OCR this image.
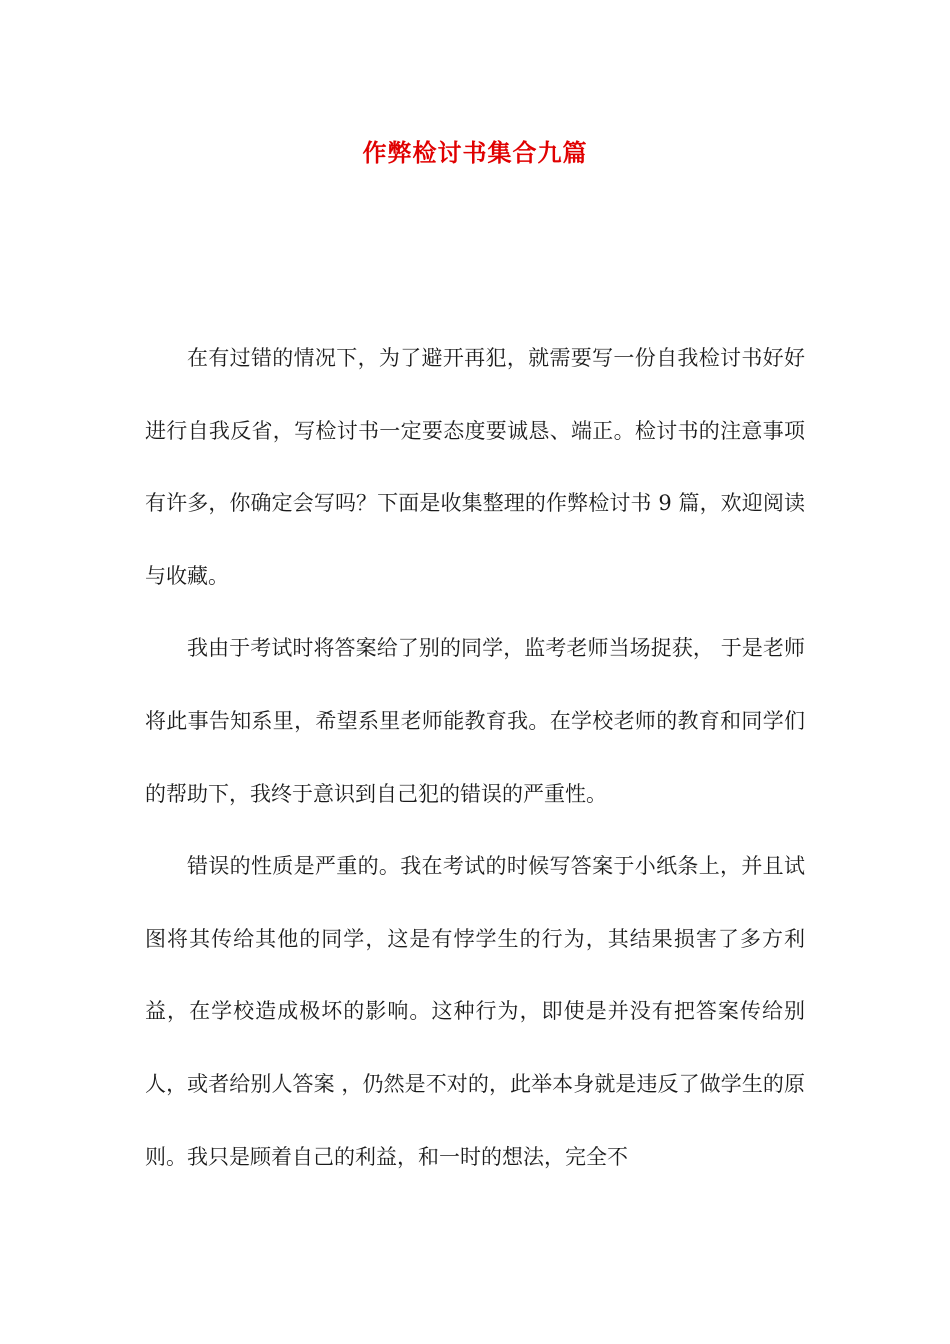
作弊检讨书集合九篇

在有过错的情况下，为了避开再犯，就需要写一份自我检讨书好好进行自我反省，写检讨书一定要态度要诚恳、端正。检讨书的注意事项有许多，你确定会写吗？下面是收集整理的作弊检讨书 9 篇，欢迎阅读与收藏。

我由于考试时将答案给了别的同学，监考老师当场捉获， 于是老师将此事告知系里，希望系里老师能教育我。在学校老师的教育和同学们的帮助下，我终于意识到自己犯的错误的严重性。

错误的性质是严重的。我在考试的时候写答案于小纸条上，并且试图将其传给其他的同学，这是有悖学生的行为，其结果损害了多方利益，在学校造成极坏的影响。这种行为，即使是并没有把答案传给别人，或者给别人答案 ，仍然是不对的，此举本身就是违反了做学生的原则。我只是顾着自己的利益，和一时的想法，完全不
